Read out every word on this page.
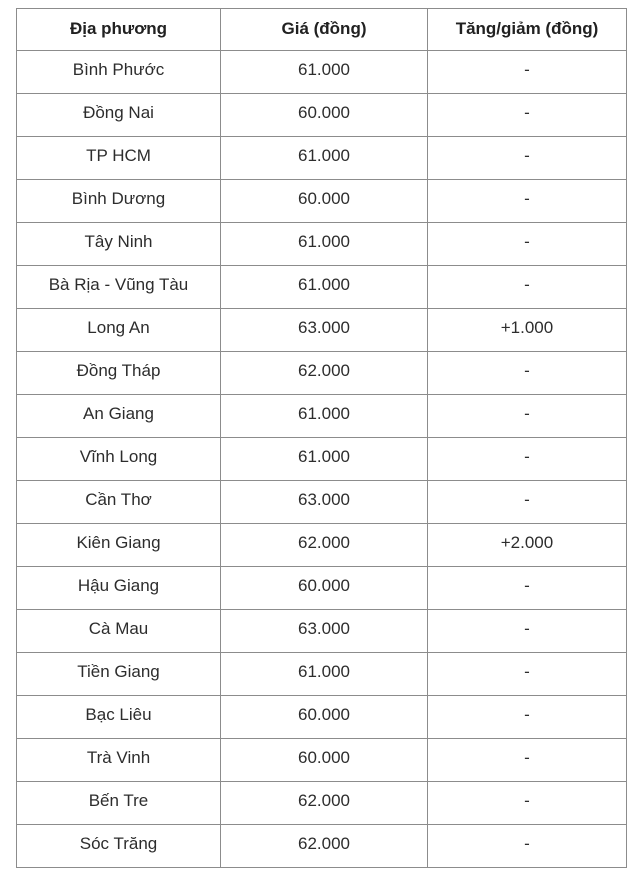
Địa phương	Giá (đồng)	Tăng/giảm (đồng)
Bình Phước	61.000	-
Đồng Nai	60.000	-
TP HCM	61.000	-
Bình Dương	60.000	-
Tây Ninh	61.000	-
Bà Rịa - Vũng Tàu	61.000	-
Long An	63.000	+1.000
Đồng Tháp	62.000	-
An Giang	61.000	-
Vĩnh Long	61.000	-
Cần Thơ	63.000	-
Kiên Giang	62.000	+2.000
Hậu Giang	60.000	-
Cà Mau	63.000	-
Tiền Giang	61.000	-
Bạc Liêu	60.000	-
Trà Vinh	60.000	-
Bến Tre	62.000	-
Sóc Trăng	62.000	-
